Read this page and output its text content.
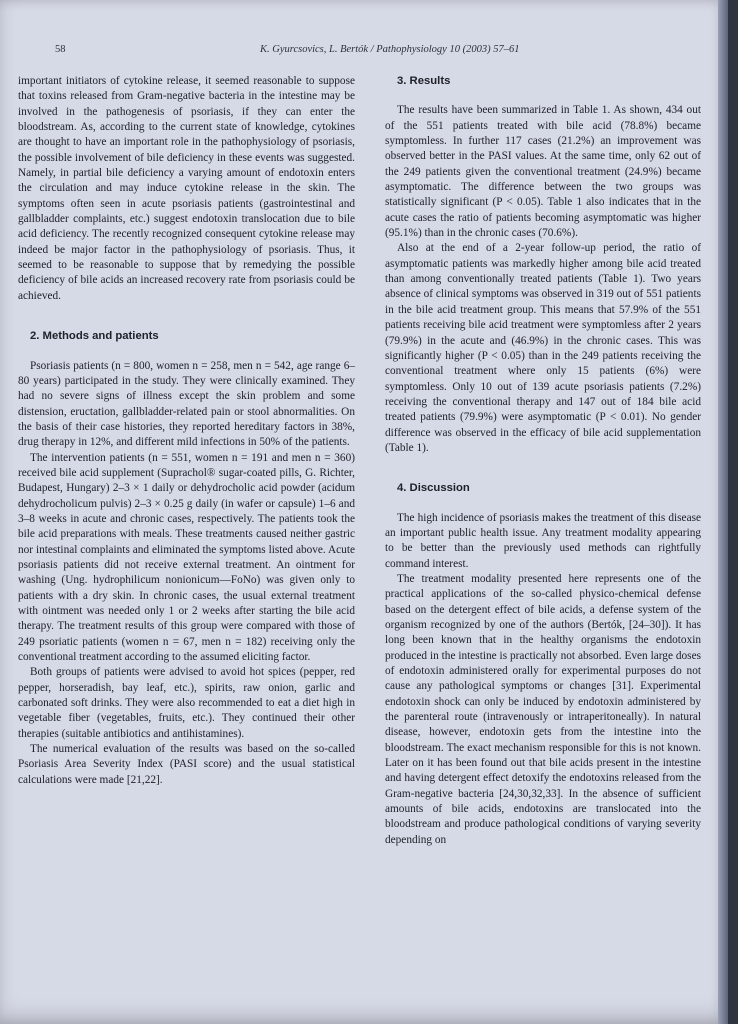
58	K. Gyurcsovics, L. Bertók / Pathophysiology 10 (2003) 57–61

important initiators of cytokine release, it seemed reasonable to suppose that toxins released from Gram-negative bacteria in the intestine may be involved in the pathogenesis of psoriasis, if they can enter the bloodstream. As, according to the current state of knowledge, cytokines are thought to have an important role in the pathophysiology of psoriasis, the possible involvement of bile deficiency in these events was suggested. Namely, in partial bile deficiency a varying amount of endotoxin enters the circulation and may induce cytokine release in the skin. The symptoms often seen in acute psoriasis patients (gastrointestinal and gallbladder complaints, etc.) suggest endotoxin translocation due to bile acid deficiency. The recently recognized consequent cytokine release may indeed be major factor in the pathophysiology of psoriasis. Thus, it seemed to be reasonable to suppose that by remedying the possible deficiency of bile acids an increased recovery rate from psoriasis could be achieved.

2. Methods and patients

Psoriasis patients (n = 800, women n = 258, men n = 542, age range 6–80 years) participated in the study. They were clinically examined. They had no severe signs of illness except the skin problem and some distension, eructation, gallbladder-related pain or stool abnormalities. On the basis of their case histories, they reported hereditary factors in 38%, drug therapy in 12%, and different mild infections in 50% of the patients.

The intervention patients (n = 551, women n = 191 and men n = 360) received bile acid supplement (Suprachol® sugar-coated pills, G. Richter, Budapest, Hungary) 2–3 × 1 daily or dehydrocholic acid powder (acidum dehydrocholicum pulvis) 2–3 × 0.25 g daily (in wafer or capsule) 1–6 and 3–8 weeks in acute and chronic cases, respectively. The patients took the bile acid preparations with meals. These treatments caused neither gastric nor intestinal complaints and eliminated the symptoms listed above. Acute psoriasis patients did not receive external treatment. An ointment for washing (Ung. hydrophilicum nonionicum—FoNo) was given only to patients with a dry skin. In chronic cases, the usual external treatment with ointment was needed only 1 or 2 weeks after starting the bile acid therapy. The treatment results of this group were compared with those of 249 psoriatic patients (women n = 67, men n = 182) receiving only the conventional treatment according to the assumed eliciting factor.

Both groups of patients were advised to avoid hot spices (pepper, red pepper, horseradish, bay leaf, etc.), spirits, raw onion, garlic and carbonated soft drinks. They were also recommended to eat a diet high in vegetable fiber (vegetables, fruits, etc.). They continued their other therapies (suitable antibiotics and antihistamines).

The numerical evaluation of the results was based on the so-called Psoriasis Area Severity Index (PASI score) and the usual statistical calculations were made [21,22].

3. Results

The results have been summarized in Table 1. As shown, 434 out of the 551 patients treated with bile acid (78.8%) became symptomless. In further 117 cases (21.2%) an improvement was observed better in the PASI values. At the same time, only 62 out of the 249 patients given the conventional treatment (24.9%) became asymptomatic. The difference between the two groups was statistically significant (P < 0.05). Table 1 also indicates that in the acute cases the ratio of patients becoming asymptomatic was higher (95.1%) than in the chronic cases (70.6%).

Also at the end of a 2-year follow-up period, the ratio of asymptomatic patients was markedly higher among bile acid treated than among conventionally treated patients (Table 1). Two years absence of clinical symptoms was observed in 319 out of 551 patients in the bile acid treatment group. This means that 57.9% of the 551 patients receiving bile acid treatment were symptomless after 2 years (79.9%) in the acute and (46.9%) in the chronic cases. This was significantly higher (P < 0.05) than in the 249 patients receiving the conventional treatment where only 15 patients (6%) were symptomless. Only 10 out of 139 acute psoriasis patients (7.2%) receiving the conventional therapy and 147 out of 184 bile acid treated patients (79.9%) were asymptomatic (P < 0.01). No gender difference was observed in the efficacy of bile acid supplementation (Table 1).

4. Discussion

The high incidence of psoriasis makes the treatment of this disease an important public health issue. Any treatment modality appearing to be better than the previously used methods can rightfully command interest.

The treatment modality presented here represents one of the practical applications of the so-called physico-chemical defense based on the detergent effect of bile acids, a defense system of the organism recognized by one of the authors (Bertók, [24–30]). It has long been known that in the healthy organisms the endotoxin produced in the intestine is practically not absorbed. Even large doses of endotoxin administered orally for experimental purposes do not cause any pathological symptoms or changes [31]. Experimental endotoxin shock can only be induced by endotoxin administered by the parenteral route (intravenously or intraperitoneally). In natural disease, however, endotoxin gets from the intestine into the bloodstream. The exact mechanism responsible for this is not known. Later on it has been found out that bile acids present in the intestine and having detergent effect detoxify the endotoxins released from the Gram-negative bacteria [24,30,32,33]. In the absence of sufficient amounts of bile acids, endotoxins are translocated into the bloodstream and produce pathological conditions of varying severity depending on
